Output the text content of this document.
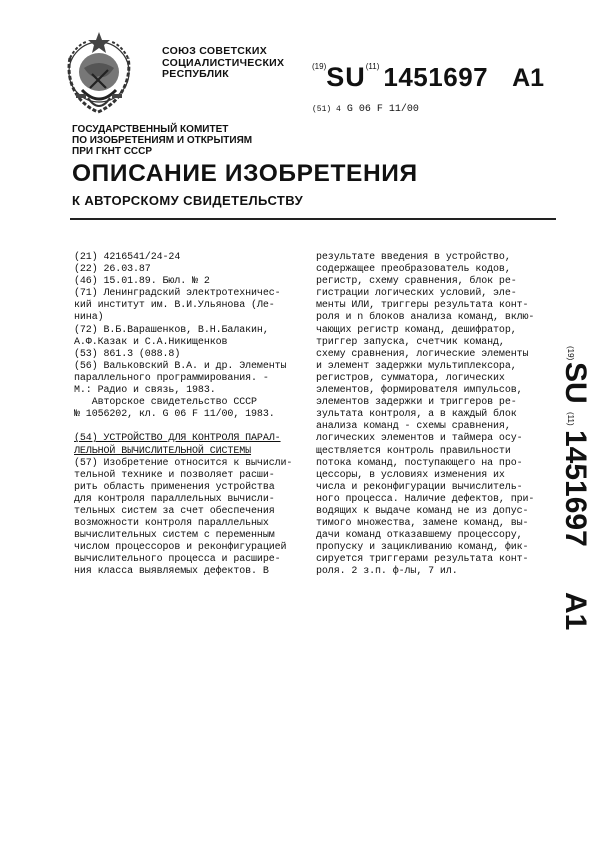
СОЮЗ СОВЕТСКИХ
СОЦИАЛИСТИЧЕСКИХ
РЕСПУБЛИК
$^{(19)}$SU$^{(11)}$ 1451697 A1
(51) 4 G 06 F 11/00
ГОСУДАРСТВЕННЫЙ КОМИТЕТ
ПО ИЗОБРЕТЕНИЯМ И ОТКРЫТИЯМ
ПРИ ГКНТ СССР
ОПИСАНИЕ ИЗОБРЕТЕНИЯ
К АВТОРСКОМУ СВИДЕТЕЛЬСТВУ
(21) 4216541/24-24
(22) 26.03.87
(46) 15.01.89. Бюл. № 2
(71) Ленинградский электротехничес-
кий институт им. В.И.Ульянова (Ле-
нина)
(72) В.Б.Варашенков, В.Н.Балакин,
А.Ф.Казак и С.А.Никищенков
(53) 861.3 (088.8)
(56) Вальковский В.А. и др. Элементы
параллельного программирования. -
М.: Радио и связь, 1983.
Авторское свидетельство СССР
№ 1056202, кл. G 06 F 11/00, 1983.
(54) УСТРОЙСТВО ДЛЯ КОНТРОЛЯ ПАРАЛ-
ЛЕЛЬНОЙ ВЫЧИСЛИТЕЛЬНОЙ СИСТЕМЫ
(57) Изобретение относится к вычисли-
тельной технике и позволяет расши-
рить область применения устройства
для контроля параллельных вычисли-
тельных систем за счет обеспечения
возможности контроля параллельных
вычислительных систем с переменным
числом процессоров и реконфигурацией
вычислительного процесса и расшире-
ния класса выявляемых дефектов. В
результате введения в устройство,
содержащее преобразователь кодов,
регистр, схему сравнения, блок ре-
гистрации логических условий, эле-
менты ИЛИ, триггеры результата конт-
роля и n блоков анализа команд, вклю-
чающих регистр команд, дешифратор,
триггер запуска, счетчик команд,
схему сравнения, логические элементы
и элемент задержки мультиплексора,
регистров, сумматора, логических
элементов, формирователя импульсов,
элементов задержки и триггеров ре-
зультата контроля, а в каждый блок
анализа команд - схемы сравнения,
логических элементов и таймера осу-
ществляется контроль правильности
потока команд, поступающего на про-
цессоры, в условиях изменения их
числа и реконфигурации вычислитель-
ного процесса. Наличие дефектов, при-
водящих к выдаче команд не из допус-
тимого множества, замене команд, вы-
дачи команд отказавшему процессору,
пропуску и зацикливанию команд, фик-
сируется триггерами результата конт-
роля. 2 з.п. ф-лы, 7 ил.
(19)
SU
(11)
1451697
A1
